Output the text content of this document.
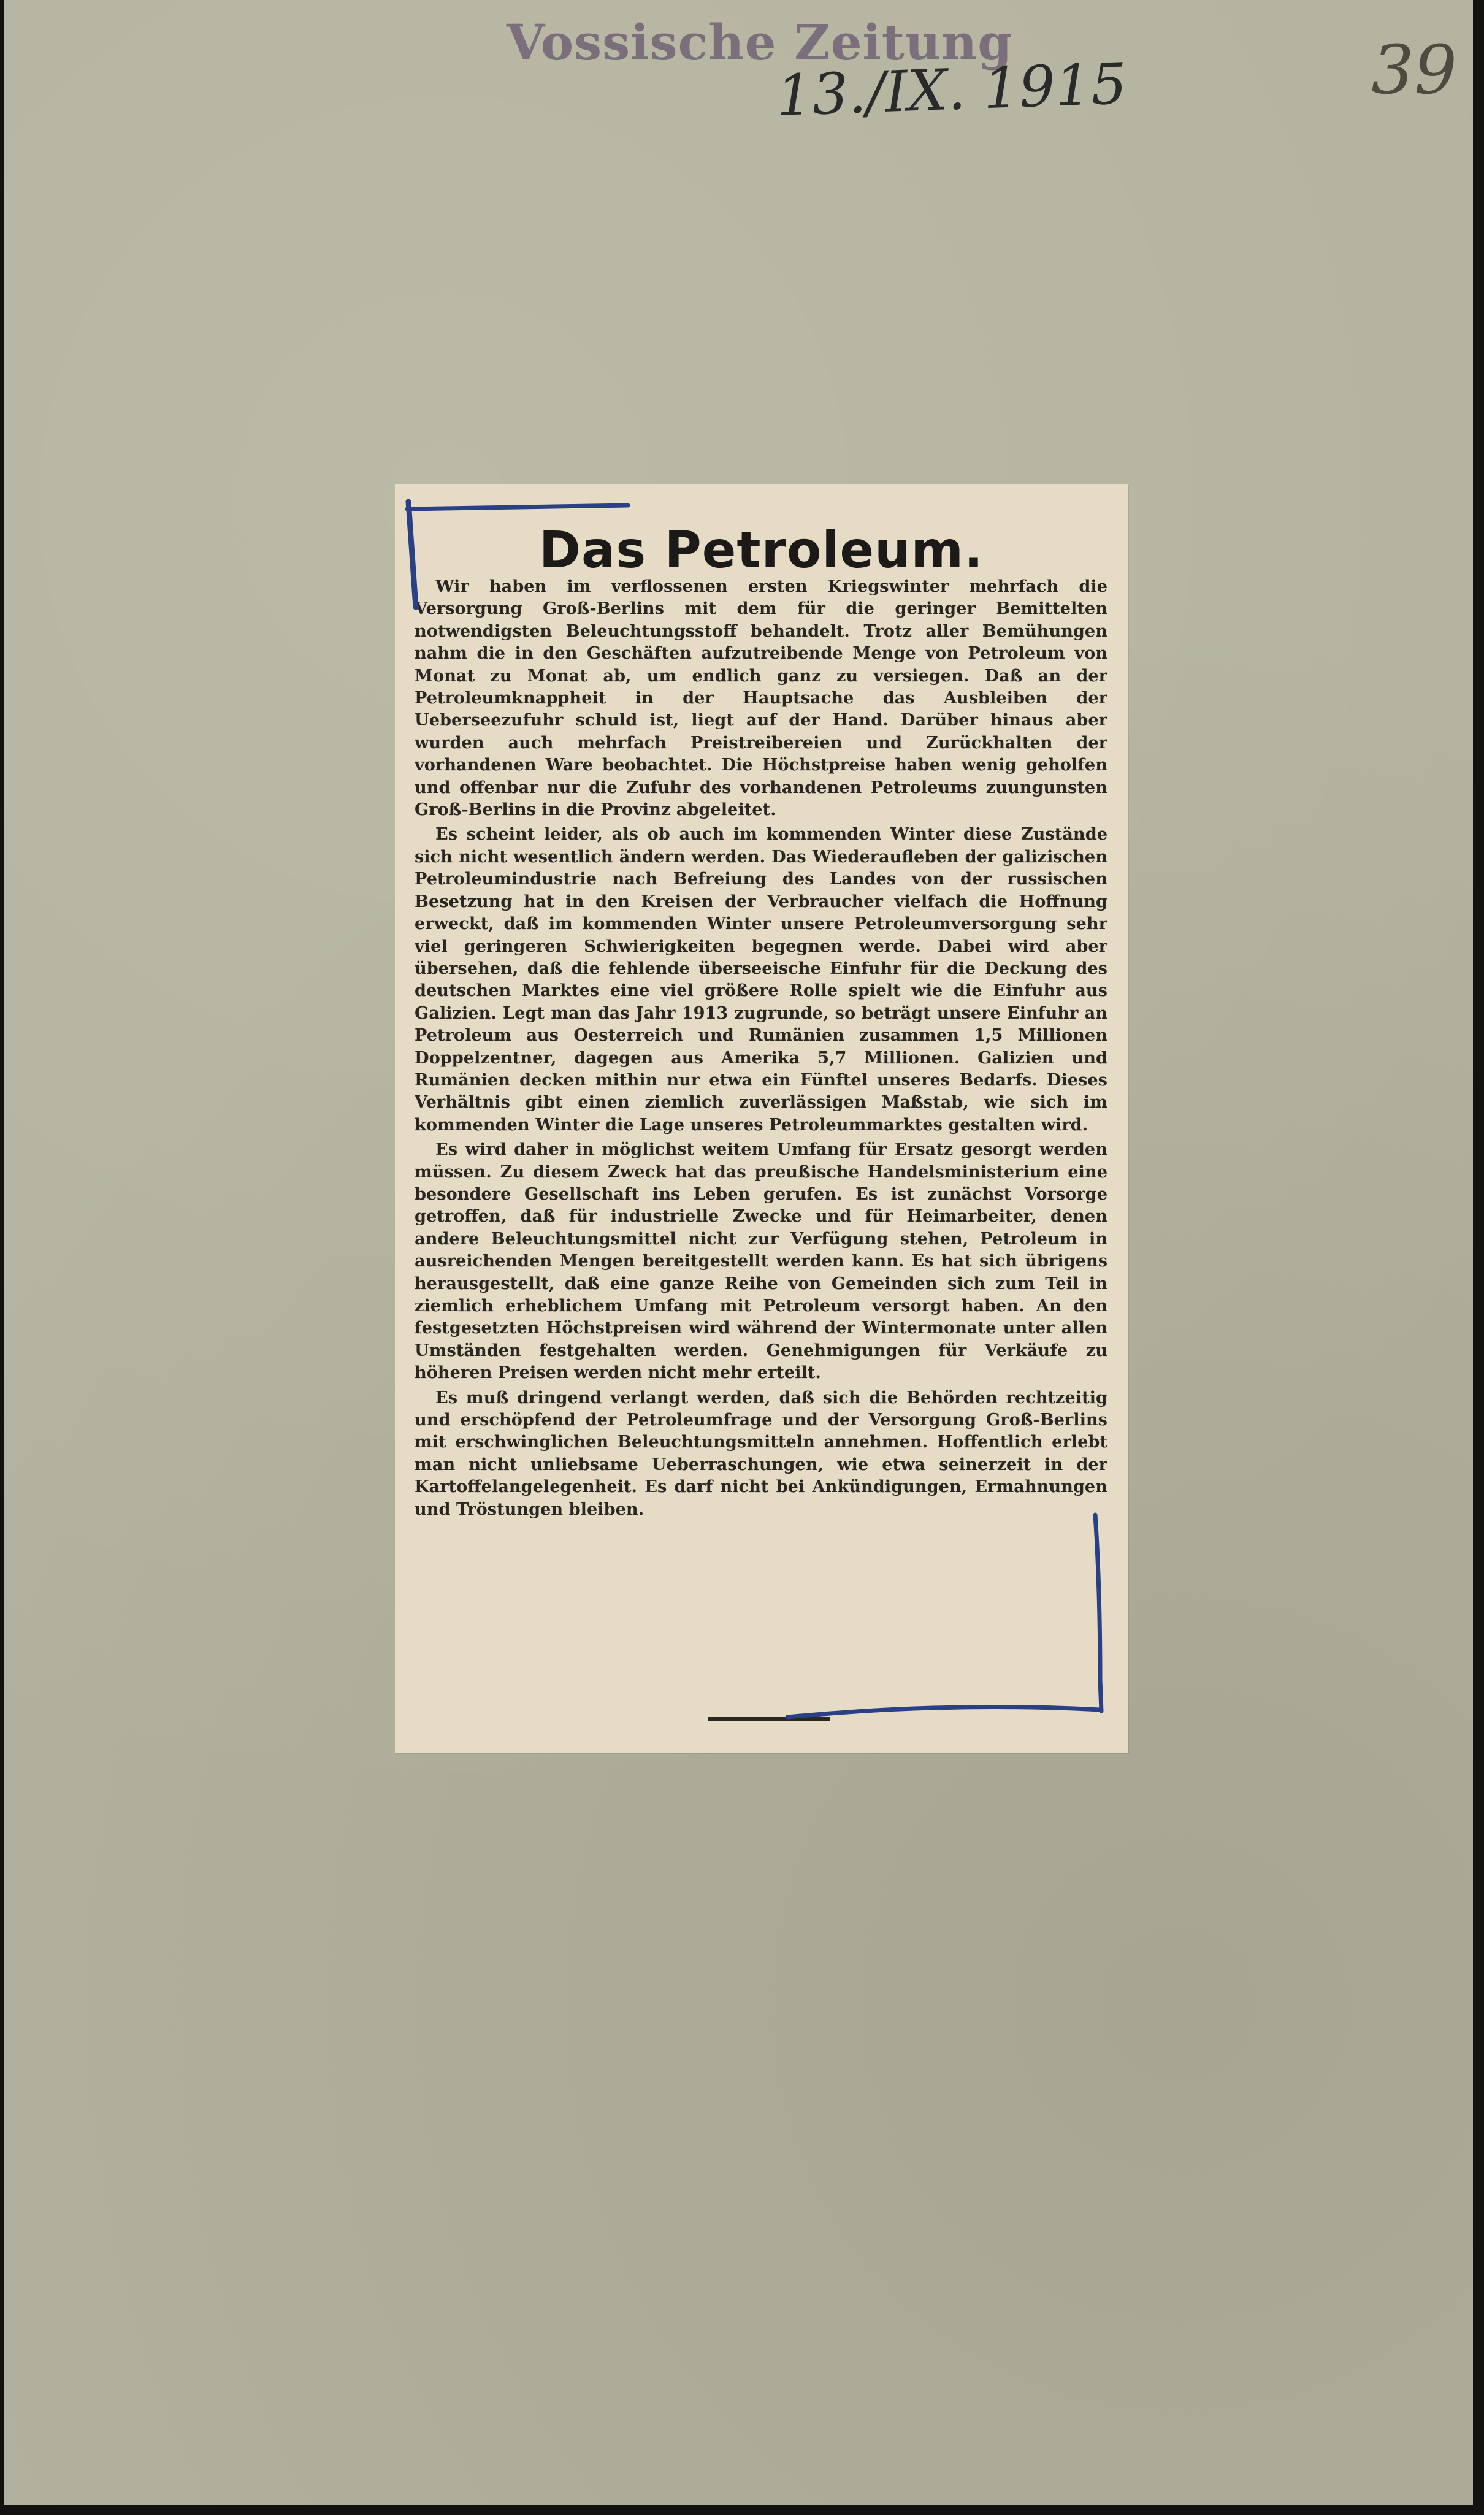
Vossische Zeitung
13./IX. 1915	39
Das Petroleum.

Wir haben im verflossenen ersten Kriegswinter mehrfach die Versorgung Groß-Berlins mit dem für die geringer Bemittelten notwendigsten Beleuchtungsstoff behandelt. Trotz aller Bemühungen nahm die in den Geschäften aufzutreibende Menge von Petroleum von Monat zu Monat ab, um endlich ganz zu versiegen. Daß an der Petroleumknappheit in der Hauptsache das Ausbleiben der Ueberseezufuhr schuld ist, liegt auf der Hand. Darüber hinaus aber wurden auch mehrfach Preistreibereien und Zurückhalten der vorhandenen Ware beobachtet. Die Höchstpreise haben wenig geholfen und offenbar nur die Zufuhr des vorhandenen Petroleums zuungunsten Groß-Berlins in die Provinz abgeleitet.

Es scheint leider, als ob auch im kommenden Winter diese Zustände sich nicht wesentlich ändern werden. Das Wiederaufleben der galizischen Petroleumindustrie nach Befreiung des Landes von der russischen Besetzung hat in den Kreisen der Verbraucher vielfach die Hoffnung erweckt, daß im kommenden Winter unsere Petroleumversorgung sehr viel geringeren Schwierigkeiten begegnen werde. Dabei wird aber übersehen, daß die fehlende überseeische Einfuhr für die Deckung des deutschen Marktes eine viel größere Rolle spielt wie die Einfuhr aus Galizien. Legt man das Jahr 1913 zugrunde, so beträgt unsere Einfuhr an Petroleum aus Oesterreich und Rumänien zusammen 1,5 Millionen Doppelzentner, dagegen aus Amerika 5,7 Millionen. Galizien und Rumänien decken mithin nur etwa ein Fünftel unseres Bedarfs. Dieses Verhältnis gibt einen ziemlich zuverlässigen Maßstab, wie sich im kommenden Winter die Lage unseres Petroleummarktes gestalten wird.

Es wird daher in möglichst weitem Umfang für Ersatz gesorgt werden müssen. Zu diesem Zweck hat das preußische Handelsministerium eine besondere Gesellschaft ins Leben gerufen. Es ist zunächst Vorsorge getroffen, daß für industrielle Zwecke und für Heimarbeiter, denen andere Beleuchtungsmittel nicht zur Verfügung stehen, Petroleum in ausreichenden Mengen bereitgestellt werden kann. Es hat sich übrigens herausgestellt, daß eine ganze Reihe von Gemeinden sich zum Teil in ziemlich erheblichem Umfang mit Petroleum versorgt haben. An den festgesetzten Höchstpreisen wird während der Wintermonate unter allen Umständen festgehalten werden. Genehmigungen für Verkäufe zu höheren Preisen werden nicht mehr erteilt.

Es muß dringend verlangt werden, daß sich die Behörden rechtzeitig und erschöpfend der Petroleumfrage und der Versorgung Groß-Berlins mit erschwinglichen Beleuchtungsmitteln annehmen. Hoffentlich erlebt man nicht unliebsame Ueberraschungen, wie etwa seinerzeit in der Kartoffelangelegenheit. Es darf nicht bei Ankündigungen, Ermahnungen und Tröstungen bleiben.
